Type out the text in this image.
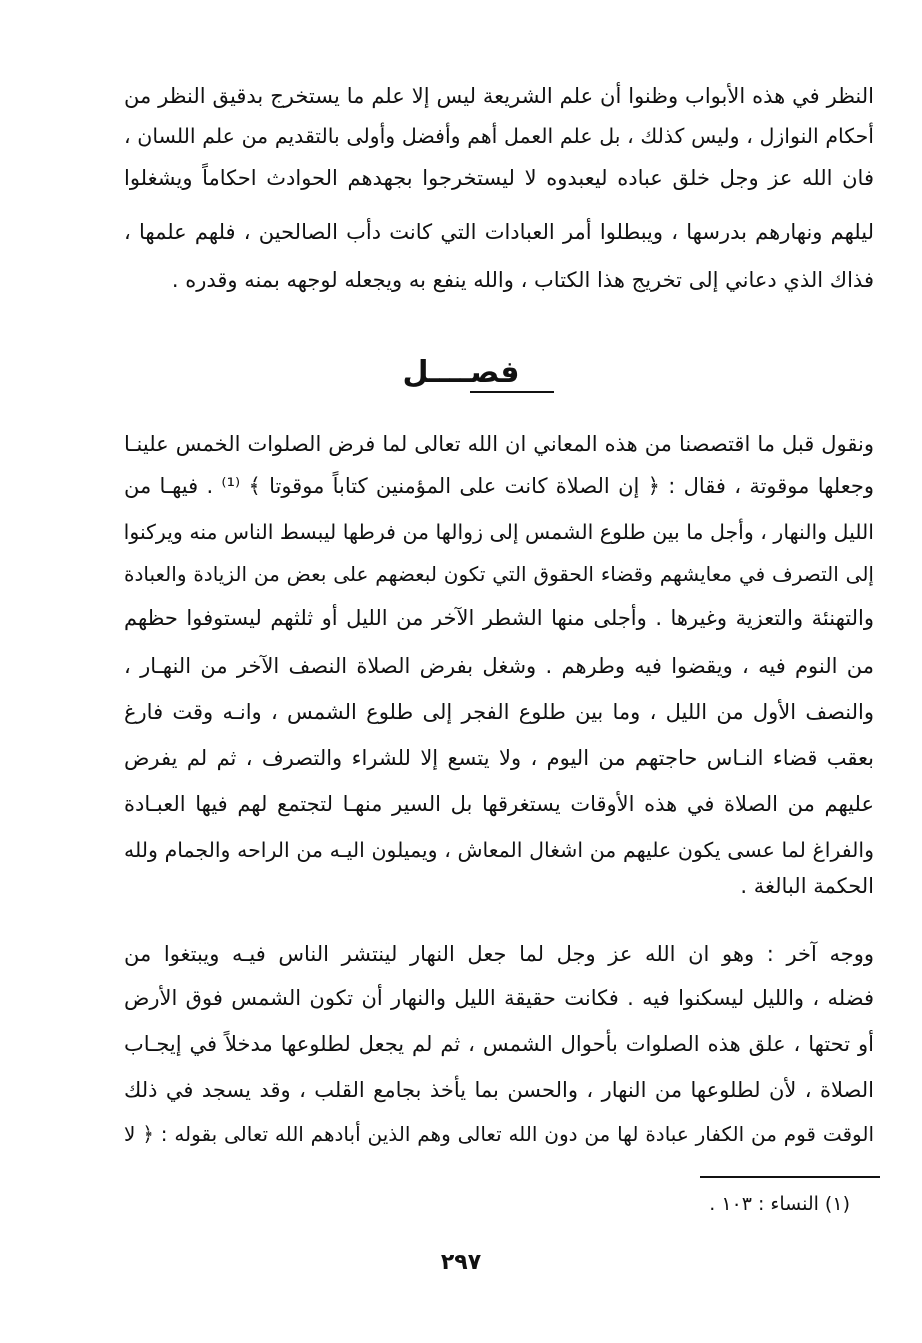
النظر في هذه الأبواب وظنوا أن علم الشريعة ليس إلا علم ما يستخرج بدقيق النظر من
أحكام النوازل ، وليس كذلك ، بل علم العمل أهم وأفضل وأولى بالتقديم من علم اللسان ،
فان الله عز وجل خلق عباده ليعبدوه لا ليستخرجوا بجهدهم الحوادث احكاماً ويشغلوا
ليلهم ونهارهم بدرسها ، ويبطلوا أمر العبادات التي كانت دأب الصالحين ، فلهم علمها ،
فذاك الذي دعاني إلى تخريج هذا الكتاب ، والله ينفع به ويجعله لوجهه بمنه وقدره .
فصــــل
ونقول قبل ما اقتصصنا من هذه المعاني ان الله تعالى لما فرض الصلوات الخمس علينـا
وجعلها موقوتة ، فقال : ﴿ إن الصلاة كانت على المؤمنين كتاباً موقوتا ﴾ ⁽¹⁾ . فيهـا من
الليل والنهار ، وأجل ما بين طلوع الشمس إلى زوالها من فرطها ليبسط الناس منه ويركنوا
إلى التصرف في معايشهم وقضاء الحقوق التي تكون لبعضهم على بعض من الزيادة والعبادة
والتهنئة والتعزية وغيرها . وأجلى منها الشطر الآخر من الليل أو ثلثهم ليستوفوا حظهم
من النوم فيه ، ويقضوا فيه وطرهم . وشغل بفرض الصلاة النصف الآخر من النهـار ،
والنصف الأول من الليل ، وما بين طلوع الفجر إلى طلوع الشمس ، وانـه وقت فارغ
بعقب قضاء النـاس حاجتهم من اليوم ، ولا يتسع إلا للشراء والتصرف ، ثم لم يفرض
عليهم من الصلاة في هذه الأوقات يستغرقها بل السير منهـا لتجتمع لهم فيها العبـادة
والفراغ لما عسى يكون عليهم من اشغال المعاش ، ويميلون اليـه من الراحه والجمام ولله
الحكمة البالغة .
ووجه آخر : وهو ان الله عز وجل لما جعل النهار لينتشر الناس فيـه ويبتغوا من
فضله ، والليل ليسكنوا فيه . فكانت حقيقة الليل والنهار أن تكون الشمس فوق الأرض
أو تحتها ، علق هذه الصلوات بأحوال الشمس ، ثم لم يجعل لطلوعها مدخلاً في إيجـاب
الصلاة ، لأن لطلوعها من النهار ، والحسن بما يأخذ بجامع القلب ، وقد يسجد في ذلك
الوقت قوم من الكفار عبادة لها من دون الله تعالى وهم الذين أبادهم الله تعالى بقوله : ﴿ لا
(١) النساء : ١٠٣ .
٢٩٧
